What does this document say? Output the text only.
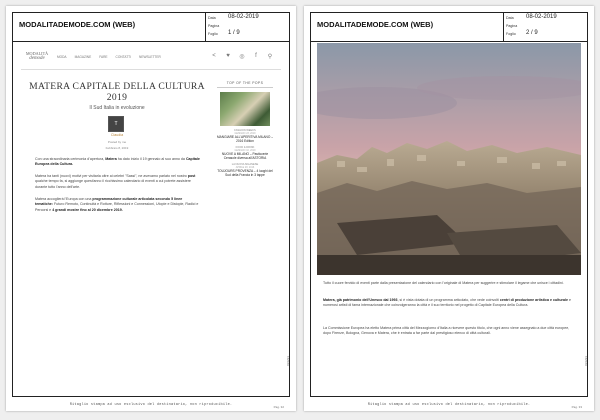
MODALITADEMODE.COM (WEB)
Data 08-02-2019
Pagina
Foglio 1 / 9
MODALITÀ
demode	MODA	MAGAZINE	FARE	CONTATTI	NEWSLETTER	< ♥ ◎	f	⚲
MATERA CAPITALE DELLA CULTURA 2019
Il Sud Italia in evoluzione
T
Claudia
Posted by me
Febbraio 8, 2019
Con una straordinaria cerimonia d'apertura, Matera ha dato inizio il 19 gennaio al suo anno da Capitale Europea della Cultura.
Matera ha tanti (nuovi) motivi per visitarla oltre ai celebri "Sassi", ne avevamo parlato nel nostro post qualche tempo fa, si aggiunge quest'anno il ricchissimo calendario di eventi a cui potrete assistere durante tutto l'anno dell'arte.
Matera accoglierà l'Europa con una programmazione culturale articolata secondo 5 linee tematiche: Futuro Remoto, Continuità e Rotture, Riflessioni e Connessioni, Utopie e Distopie, Radici e Percorsi e 4 grandi mostre fino al 20 dicembre 2019.
TOP OF THE POPS
FASHION WEEKS
GENNAIO 23, 2019
MANGIARE ALL'APERITIVA MILANO – 2016 Edition
FOOD & DRINK
GENNAIO 10, 2019
NUOVE A MILANO – Pasticcerie Cerasole diversa all'ASTORIA
LA NUOVA MILANESE
APRILE 28, 2016
TOUJOURS PROVENZA – 4 luoghi del Sud della Francia in 3 tappe
039293
Ritaglio stampa ad uso esclusivo del destinatario, non riproducibile.	Pag. 32
MODALITADEMODE.COM (WEB)
Data 08-02-2019
Pagina
Foglio 2 / 9
Tutto il cuore fervido di eventi parte dalla presentazione del calendario con l'originale di Matera per suggerire e stimolare il legame che unisce i cittadini.
Matera, già patrimonio dell'Unesco dal 1993, si è vista dotata di un programma articolato, che vede coinvolti centri di produzione artistica e culturale e numerosi artisti di fama internazionale che coinvolgeranno la città e il suo territorio nel progetto di Capitale Europea della Cultura.
La Commissione Europea ha eletto Matera prima città del Mezzogiorno d'Italia a ricevere questo titolo, che ogni anno viene assegnato a due città europee, dopo Firenze, Bologna, Genova e Matera, che è entrata a far parte dal prestigioso elenco di città culturali.
039293
Ritaglio stampa ad uso esclusivo del destinatario, non riproducibile.	Pag. 33
